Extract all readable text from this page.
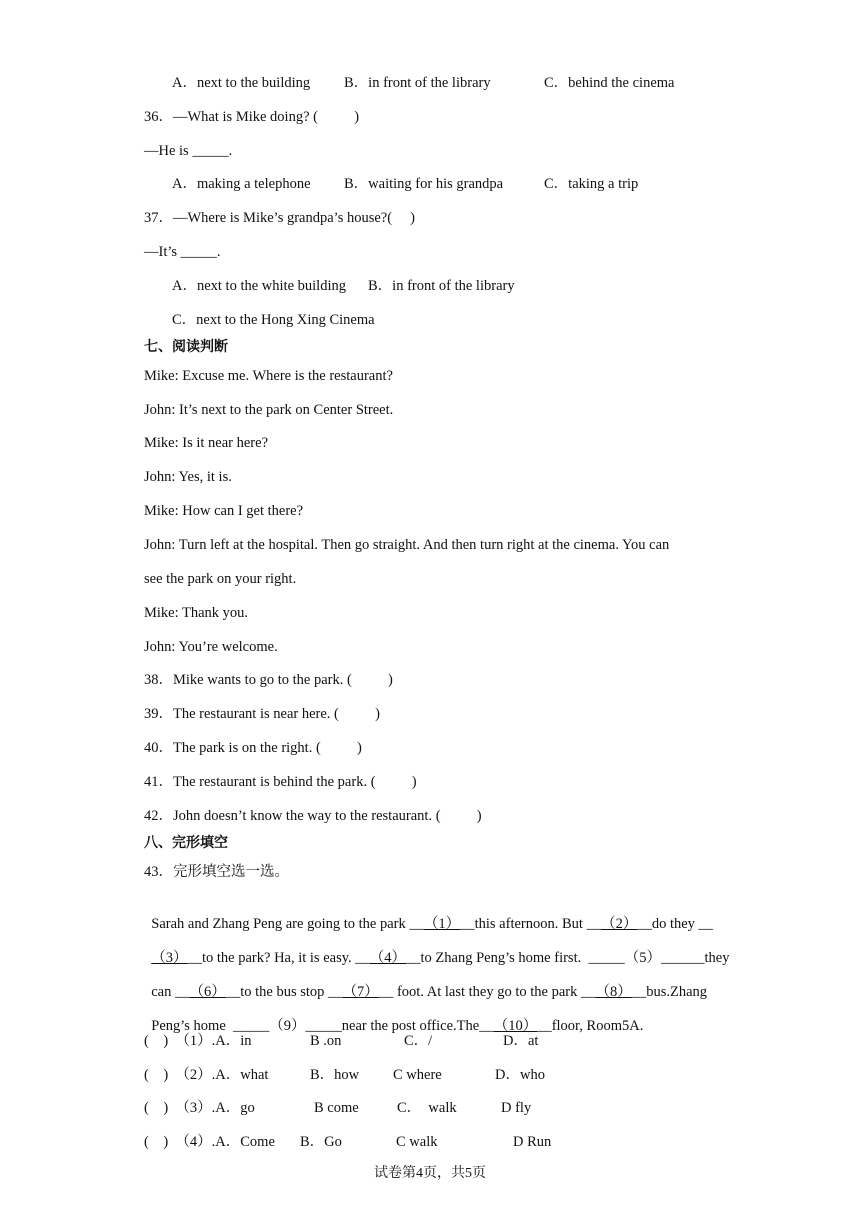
A．next to the building B．in front of the library	C．behind the cinema
36．—What is Mike doing? (          )
—He is _____.
A．making a telephone B．waiting for his grandpa	C．taking a trip
37．—Where is Mike’s grandpa’s house?(     )
—It’s _____.
A．next to the white building B．in front of the library
C．next to the Hong Xing Cinema
七、阅读判断
Mike: Excuse me. Where is the restaurant?
John: It’s next to the park on Center Street.
Mike: Is it near here?
John: Yes, it is.
Mike: How can I get there?
John: Turn left at the hospital. Then go straight. And then turn right at the cinema. You can
see the park on your right.
Mike: Thank you.
John: You’re welcome.
38．Mike wants to go to the park. (          )
39．The restaurant is near here. (          )
40．The park is on the right. (          )
41．The restaurant is behind the park. (          )
42．John doesn’t know the way to the restaurant. (          )
八、完形填空
43．完形填空选一选。

Sarah and Zhang Peng are going to the park __（1）__this afternoon. But __（2）__do they __

（3）__to the park? Ha, it is easy. __（4）__to Zhang Peng’s home first.  _____（5）______they

can __（6）__to the bus stop __（7）__ foot. At last they go to the park __（8）__bus.Zhang

Peng’s home  _____（9）_____near the post office.The__（10）__floor, Room5A.

(    )  （1）.A．in	B .on	C．/	D．at
(    )  （2）.A．what	B．how C where	D．who
(    )  （3）.A．go	B come	C．  walk	D fly
(    )  （4）.A．Come B．Go	C walk	D Run
试卷第4页，共5页
